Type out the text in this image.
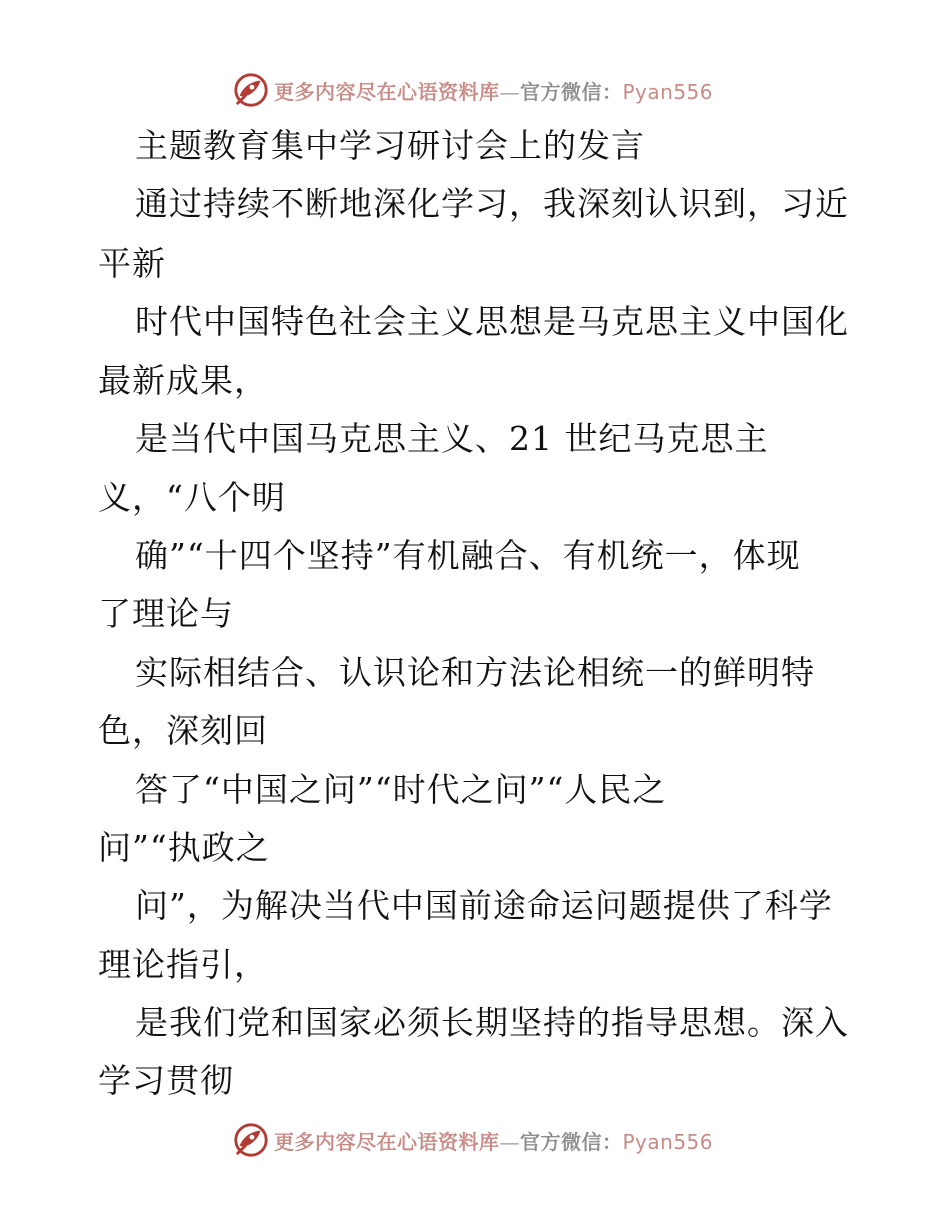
更多内容尽在心语资料库—官方微信：Pyan556
主题教育集中学习研讨会上的发言
通过持续不断地深化学习，我深刻认识到，习近
平新
时代中国特色社会主义思想是马克思主义中国化
最新成果，
是当代中国马克思主义、21 世纪马克思主
义，“八个明
确”“十四个坚持”有机融合、有机统一，体现
了理论与
实际相结合、认识论和方法论相统一的鲜明特
色，深刻回
答了“中国之问”“时代之问”“人民之
问”“执政之
问”，为解决当代中国前途命运问题提供了科学
理论指引，
是我们党和国家必须长期坚持的指导思想。深入
学习贯彻
更多内容尽在心语资料库—官方微信：Pyan556
